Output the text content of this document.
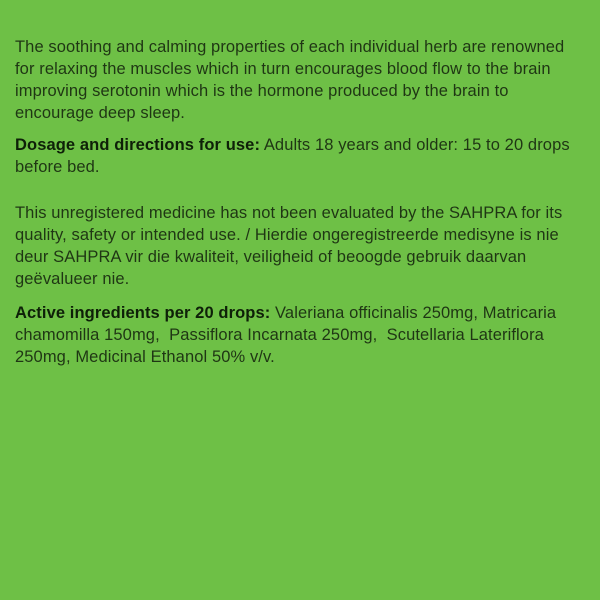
The soothing and calming properties of each individual herb are renowned for relaxing the muscles which in turn encourages blood flow to the brain improving serotonin which is the hormone produced by the brain to encourage deep sleep.

Dosage and directions for use: Adults 18 years and older: 15 to 20 drops before bed.

This unregistered medicine has not been evaluated by the SAHPRA for its quality, safety or intended use. / Hierdie ongeregistreerde medisyne is nie deur SAHPRA vir die kwaliteit, veiligheid of beoogde gebruik daarvan geëvalueer nie.

Active ingredients per 20 drops: Valeriana officinalis 250mg, Matricaria chamomilla 150mg,  Passiflora Incarnata 250mg,  Scutellaria Lateriflora 250mg, Medicinal Ethanol 50% v/v.
